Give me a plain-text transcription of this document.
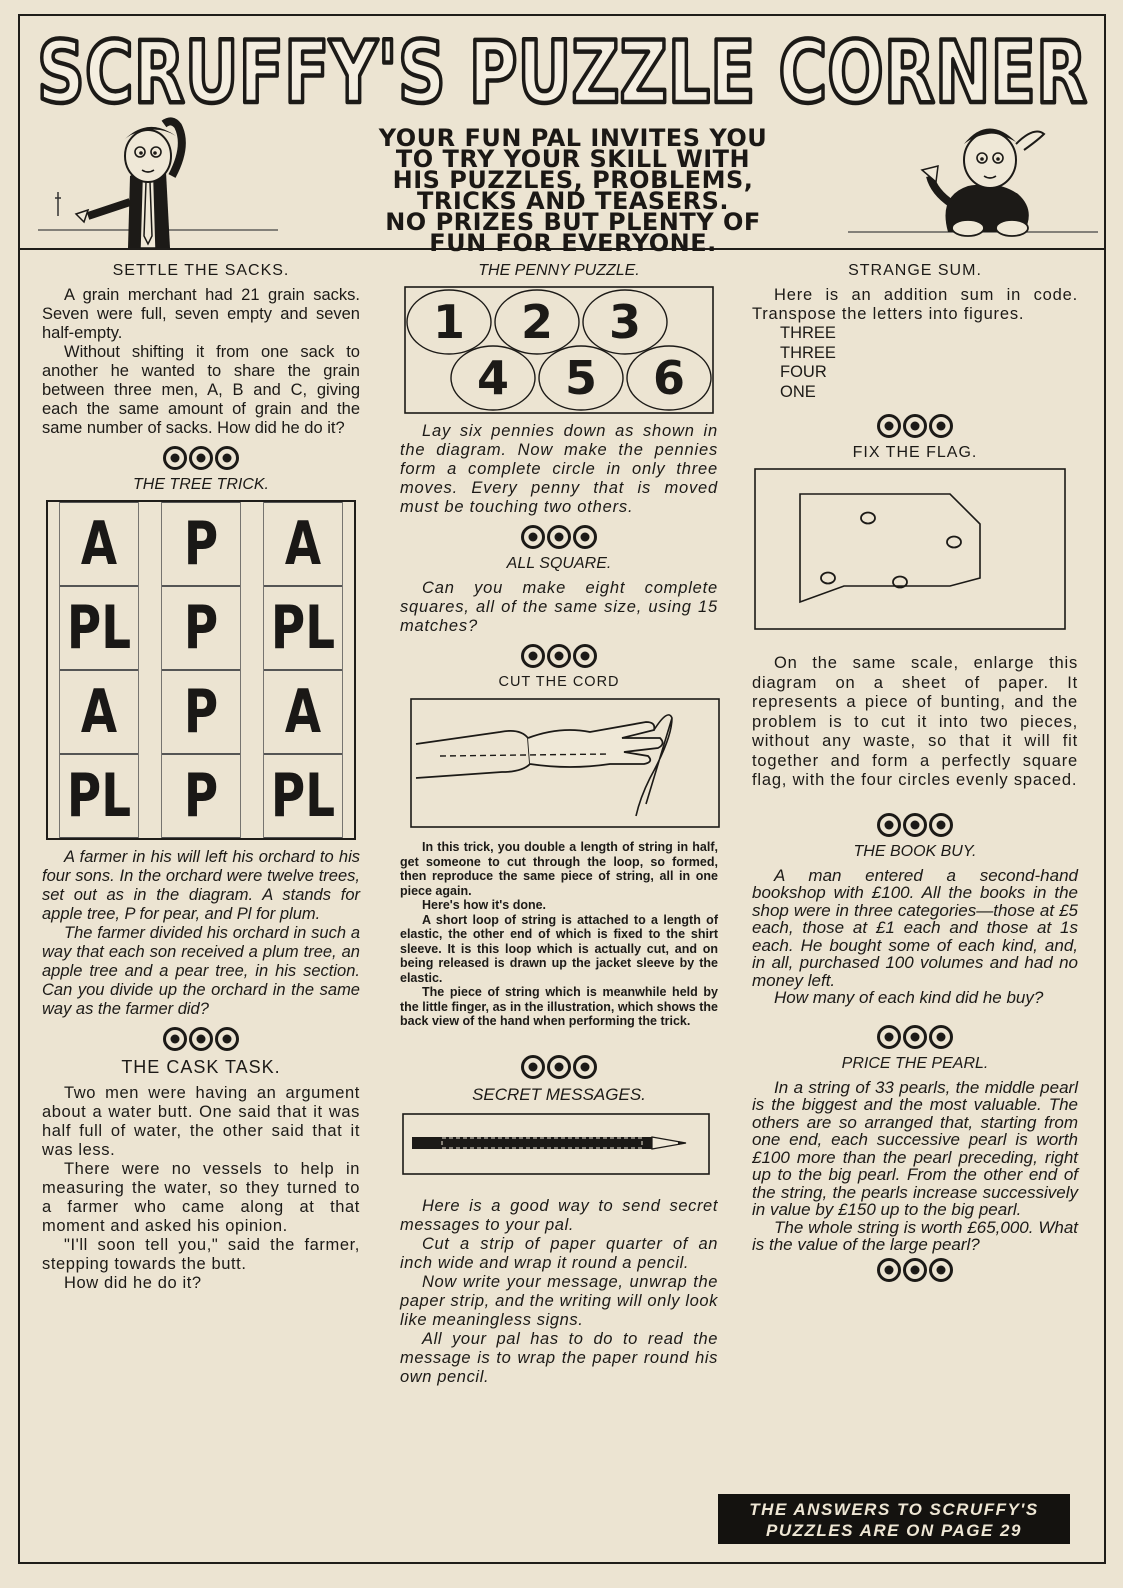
SCRUFFY'S PUZZLE CORNER
YOUR FUN PAL INVITES YOU
TO TRY YOUR SKILL WITH
HIS PUZZLES, PROBLEMS,
TRICKS AND TEASERS.
NO PRIZES BUT PLENTY OF
FUN FOR EVERYONE.
SETTLE THE SACKS.

A grain merchant had 21 grain sacks. Seven were full, seven empty and seven half-empty.

Without shifting it from one sack to another he wanted to share the grain between three men, A, B and C, giving each the same amount of grain and the same number of sacks. How did he do it?

THE TREE TRICK.
A	P	A
PL P PL
A	P	A
PL P PL

A farmer in his will left his orchard to his four sons. In the orchard were twelve trees, set out as in the diagram. A stands for apple tree, P for pear, and Pl for plum.

The farmer divided his orchard in such a way that each son received a plum tree, an apple tree and a pear tree, in his section. Can you divide up the orchard in the same way as the farmer did?

THE CASK TASK.

Two men were having an argument about a water butt. One said that it was half full of water, the other said that it was less.

There were no vessels to help in measuring the water, so they turned to a farmer who came along at that moment and asked his opinion.

"I'll soon tell you," said the farmer, stepping towards the butt.

How did he do it?

THE PENNY PUZZLE.
1 2 3
4 5 6

Lay six pennies down as shown in the diagram. Now make the pennies form a complete circle in only three moves. Every penny that is moved must be touching two others.

ALL SQUARE.

Can you make eight complete squares, all of the same size, using 15 matches?

CUT THE CORD

In this trick, you double a length of string in half, get someone to cut through the loop, so formed, then reproduce the same piece of string, all in one piece again.

Here's how it's done.

A short loop of string is attached to a length of elastic, the other end of which is fixed to the shirt sleeve. It is this loop which is actually cut, and on being released is drawn up the jacket sleeve by the elastic.

The piece of string which is meanwhile held by the little finger, as in the illustration, which shows the back view of the hand when performing the trick.

SECRET MESSAGES.

Here is a good way to send secret messages to your pal.

Cut a strip of paper quarter of an inch wide and wrap it round a pencil.

Now write your message, unwrap the paper strip, and the writing will only look like meaningless signs.

All your pal has to do to read the message is to wrap the paper round his own pencil.

STRANGE SUM.

Here is an addition sum in code. Transpose the letters into figures.

THREE
THREE
FOUR
ONE
FIX THE FLAG.

On the same scale, enlarge this diagram on a sheet of paper. It represents a piece of bunting, and the problem is to cut it into two pieces, without any waste, so that it will fit together and form a perfectly square flag, with the four circles evenly spaced.

THE BOOK BUY.

A man entered a second-hand bookshop with £100. All the books in the shop were in three categories—those at £5 each, those at £1 each and those at 1s each. He bought some of each kind, and, in all, purchased 100 volumes and had no money left.

How many of each kind did he buy?

PRICE THE PEARL.

In a string of 33 pearls, the middle pearl is the biggest and the most valuable. The others are so arranged that, starting from one end, each successive pearl is worth £100 more than the pearl preceding, right up to the big pearl. From the other end of the string, the pearls increase successively in value by £150 up to the big pearl.

The whole string is worth £65,000. What is the value of the large pearl?

THE ANSWERS TO SCRUFFY'S
PUZZLES ARE ON PAGE 29
